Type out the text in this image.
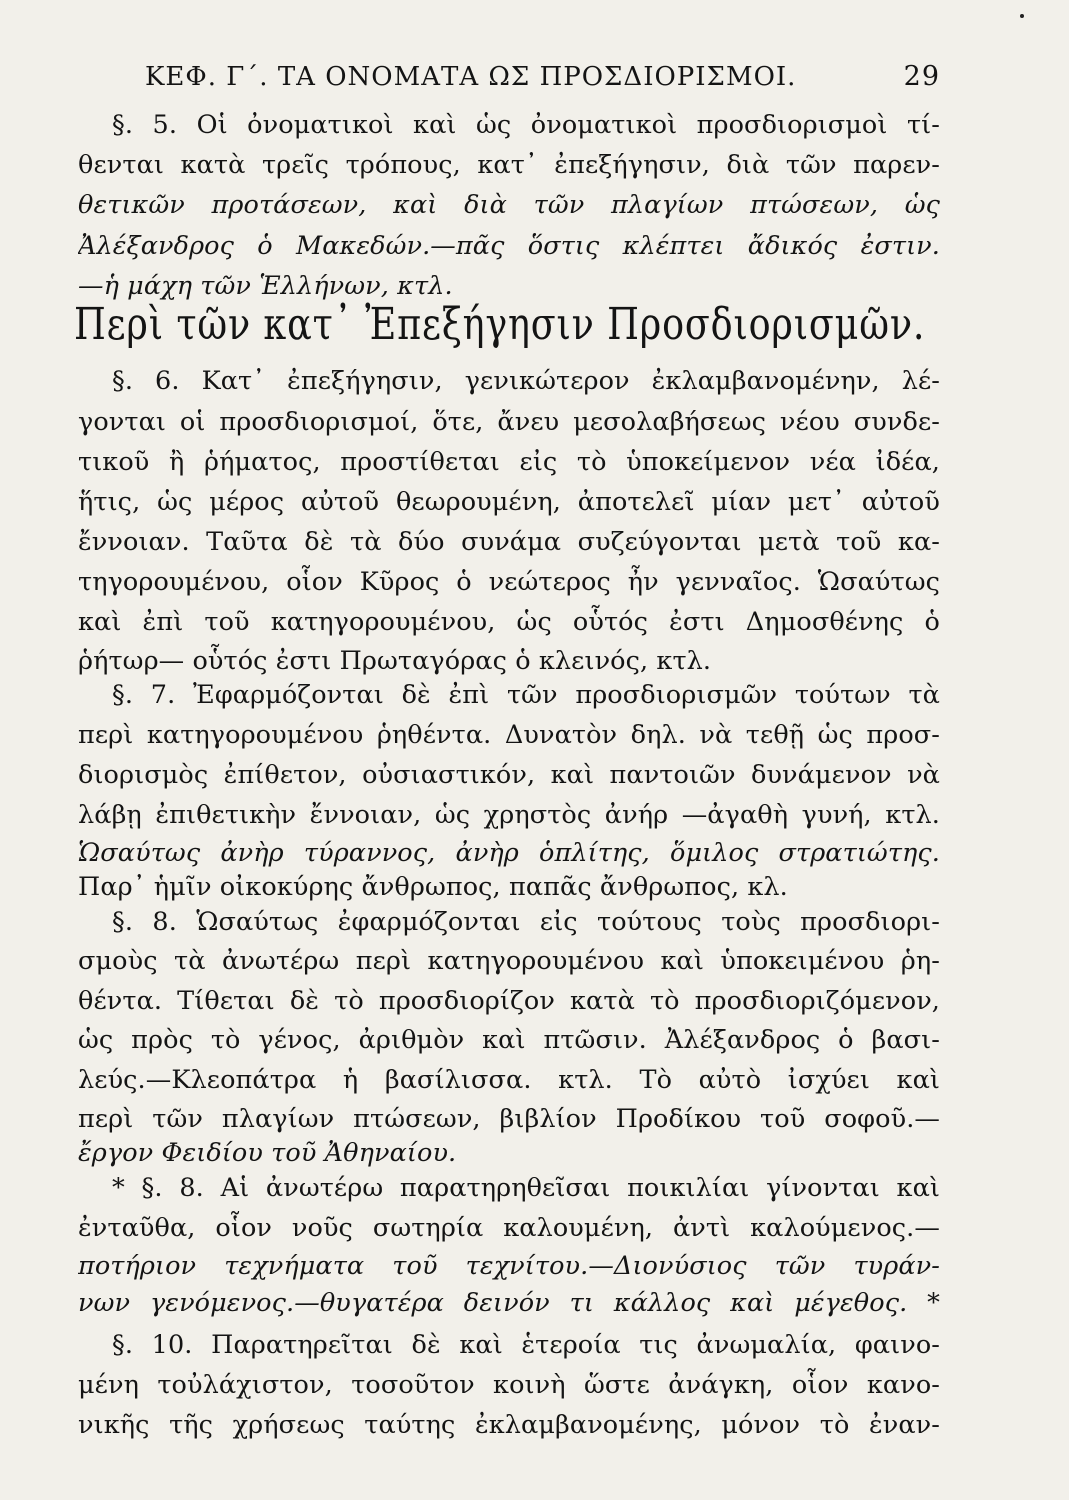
ΚΕΦ. Γ΄. ΤΑ ΟΝΟΜΑΤΑ ΩΣ ΠΡΟΣΔΙΟΡΙΣΜΟΙ.	29
§. 5. Οἱ ὀνοματικοὶ καὶ ὡς ὀνοματικοὶ προσδιορισμοὶ τί-
θενται κατὰ τρεῖς τρόπους, κατ᾽ ἐπεξήγησιν, διὰ τῶν παρεν-
θετικῶν προτάσεων, καὶ διὰ τῶν πλαγίων πτώσεων, ὡς
Ἀλέξανδρος ὁ Μακεδών.—πᾶς ὅστις κλέπτει ἄδικός ἐστιν.
—ἡ μάχη τῶν Ἑλλήνων, κτλ.
Περὶ τῶν κατ᾽ Ἐπεξήγησιν Προσδιορισμῶν.
§. 6. Κατ᾽ ἐπεξήγησιν, γενικώτερον ἐκλαμβανομένην, λέ-
γονται οἱ προσδιορισμοί, ὅτε, ἄνευ μεσολαβήσεως νέου συνδε-
τικοῦ ἢ ῥήματος, προστίθεται εἰς τὸ ὑποκείμενον νέα ἰδέα,
ἥτις, ὡς μέρος αὐτοῦ θεωρουμένη, ἀποτελεῖ μίαν μετ᾽ αὐτοῦ
ἔννοιαν. Ταῦτα δὲ τὰ δύο συνάμα συζεύγονται μετὰ τοῦ κα-
τηγορουμένου, οἷον Κῦρος ὁ νεώτερος ἦν γενναῖος. Ὡσαύτως
καὶ ἐπὶ τοῦ κατηγορουμένου, ὡς οὗτός ἐστι Δημοσθένης ὁ
ῥήτωρ— οὗτός ἐστι Πρωταγόρας ὁ κλεινός, κτλ.
§. 7. Ἐφαρμόζονται δὲ ἐπὶ τῶν προσδιορισμῶν τούτων τὰ
περὶ κατηγορουμένου ῥηθέντα. Δυνατὸν δηλ. νὰ τεθῇ ὡς προσ-
διορισμὸς ἐπίθετον, οὐσιαστικόν, καὶ παντοιῶν δυνάμενον νὰ
λάβῃ ἐπιθετικὴν ἔννοιαν, ὡς χρηστὸς ἀνήρ —ἀγαθὴ γυνή, κτλ.
Ὡσαύτως ἀνὴρ τύραννος, ἀνὴρ ὁπλίτης, ὅμιλος στρατιώτης.
Παρ᾽ ἡμῖν οἰκοκύρης ἄνθρωπος, παπᾶς ἄνθρωπος, κλ.
§. 8. Ὡσαύτως ἐφαρμόζονται εἰς τούτους τοὺς προσδιορι-
σμοὺς τὰ ἀνωτέρω περὶ κατηγορουμένου καὶ ὑποκειμένου ῥη-
θέντα. Τίθεται δὲ τὸ προσδιορίζον κατὰ τὸ προσδιοριζόμενον,
ὡς πρὸς τὸ γένος, ἀριθμὸν καὶ πτῶσιν. Ἀλέξανδρος ὁ βασι-
λεύς.—Κλεοπάτρα ἡ βασίλισσα. κτλ. Τὸ αὐτὸ ἰσχύει καὶ
περὶ τῶν πλαγίων πτώσεων, βιβλίον Προδίκου τοῦ σοφοῦ.—
ἔργον Φειδίου τοῦ Ἀθηναίου.
* §. 8. Αἱ ἀνωτέρω παρατηρηθεῖσαι ποικιλίαι γίνονται καὶ
ἐνταῦθα, οἷον νοῦς σωτηρία καλουμένη, ἀντὶ καλούμενος.—
ποτήριον τεχνήματα τοῦ τεχνίτου.—Διονύσιος τῶν τυράν-
νων γενόμενος.—θυγατέρα δεινόν τι κάλλος καὶ μέγεθος. *
§. 10. Παρατηρεῖται δὲ καὶ ἑτεροία τις ἀνωμαλία, φαινο-
μένη τοὐλάχιστον, τοσοῦτον κοινὴ ὥστε ἀνάγκη, οἷον κανο-
νικῆς τῆς χρήσεως ταύτης ἐκλαμβανομένης, μόνον τὸ ἐναν-
